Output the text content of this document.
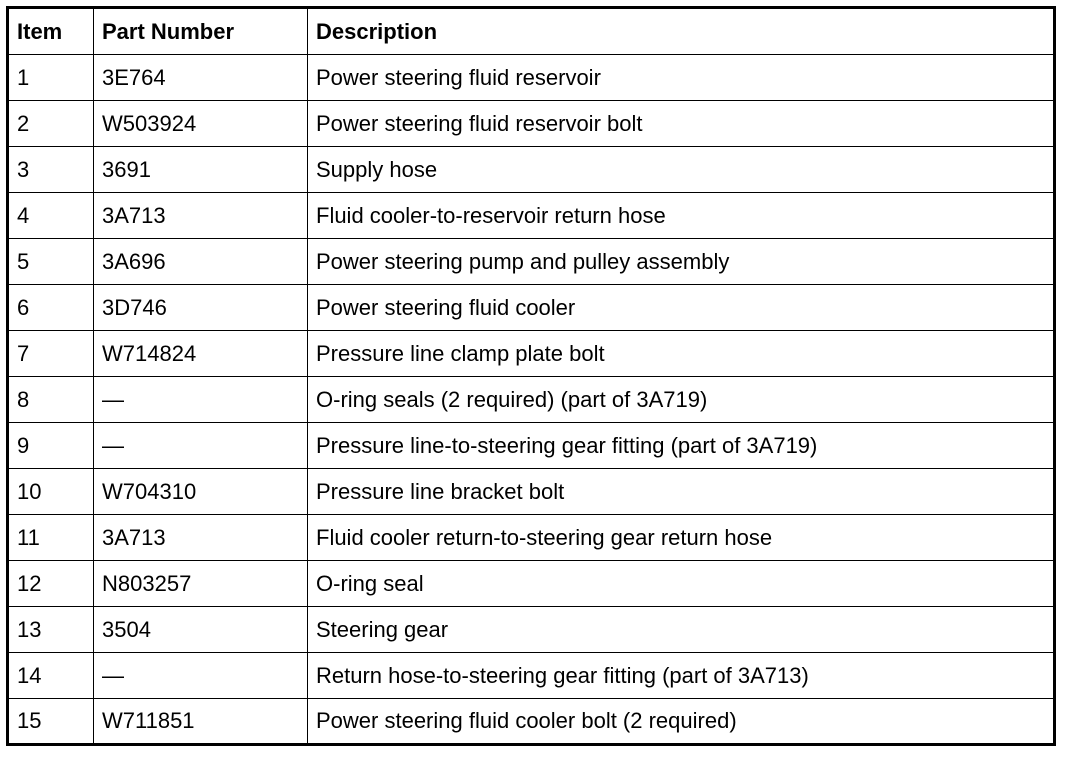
Item	Part Number	Description
1	3E764	Power steering fluid reservoir
2	W503924	Power steering fluid reservoir bolt
3	3691	Supply hose
4	3A713	Fluid cooler-to-reservoir return hose
5	3A696	Power steering pump and pulley assembly
6	3D746	Power steering fluid cooler
7	W714824	Pressure line clamp plate bolt
8	—	O-ring seals (2 required) (part of 3A719)
9	—	Pressure line-to-steering gear fitting (part of 3A719)
10	W704310	Pressure line bracket bolt
11	3A713	Fluid cooler return-to-steering gear return hose
12	N803257	O-ring seal
13	3504	Steering gear
14	—	Return hose-to-steering gear fitting (part of 3A713)
15	W711851	Power steering fluid cooler bolt (2 required)
